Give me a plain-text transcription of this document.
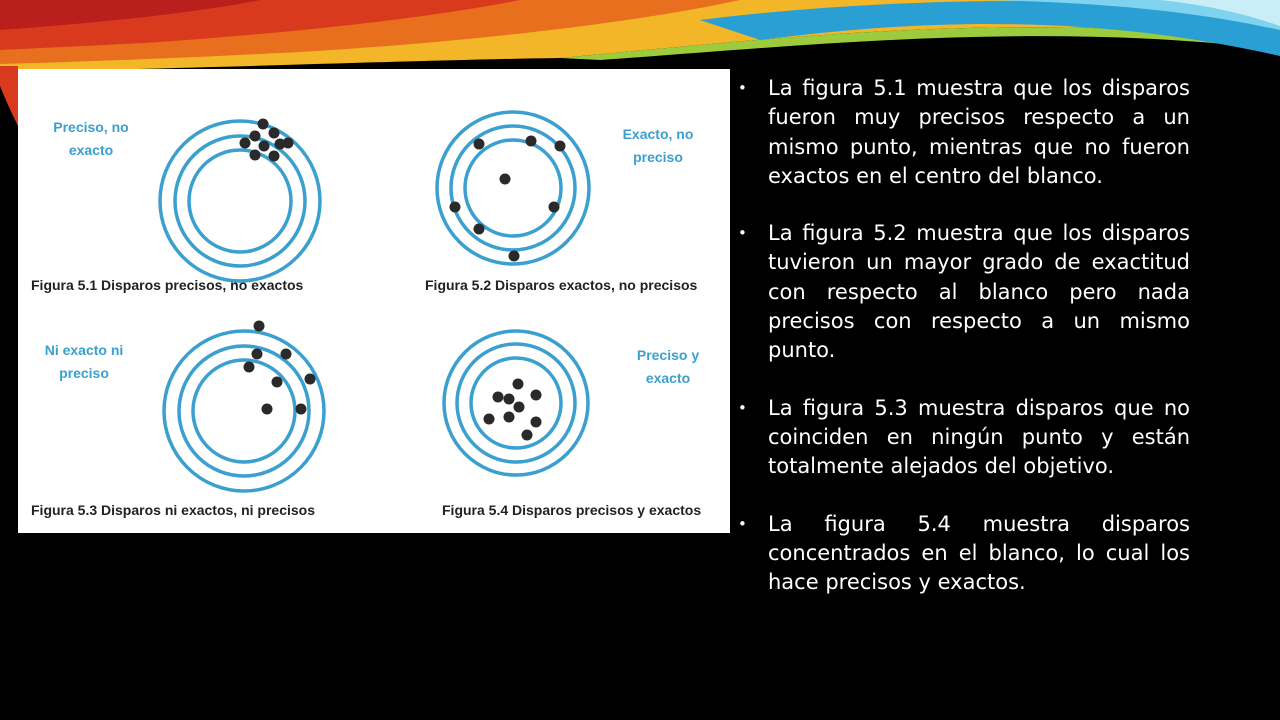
Preciso, no exacto
Figura 5.1 Disparos precisos, no exactos
Exacto, no preciso
Figura 5.2 Disparos exactos, no precisos
Ni exacto ni preciso
Figura 5.3 Disparos ni exactos, ni precisos
Preciso y exacto
Figura 5.4 Disparos precisos y exactos
• La figura 5.1 muestra que los disparos fueron muy precisos respecto a un mismo punto, mientras que no fueron exactos en el centro del blanco.
• La figura 5.2 muestra que los disparos tuvieron un mayor grado de exactitud con respecto al blanco pero nada precisos con respecto a un mismo punto.
• La figura 5.3 muestra disparos que no coinciden en ningún punto y están totalmente alejados del objetivo.
• La figura 5.4 muestra disparos concentrados en el blanco, lo cual los hace precisos y exactos.
